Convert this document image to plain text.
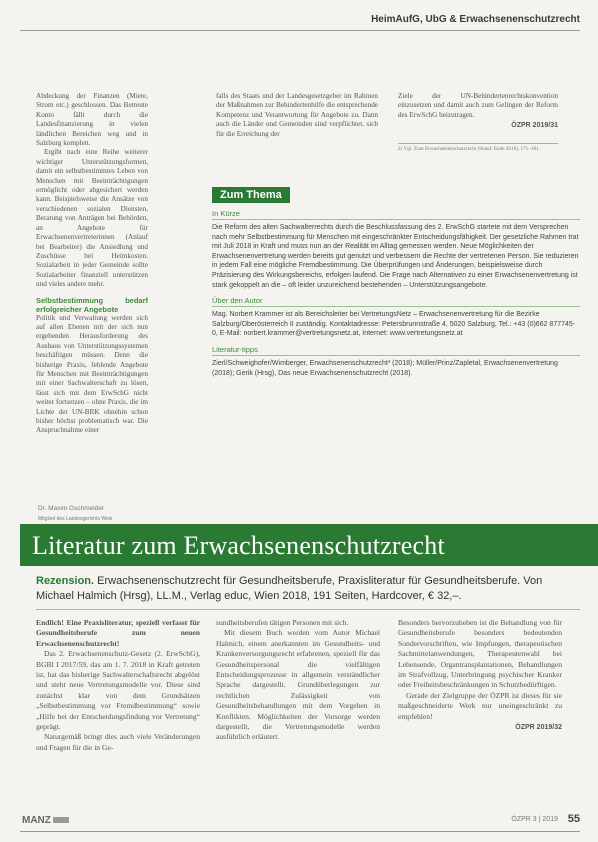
HeimAufG, UbG & Erwachsenenschutzrecht

Abdeckung der Finanzen (Miete, Strom etc.) geschlossen. Das Betreute Konto fällt durch die Landesfinanzierung in vielen ländlichen Bereichen weg und in Salzburg komplett.

Ergibt nach eine Reihe weiterer wichtiger Unterstützungsformen, damit ein selbstbestimmtes Leben von Menschen mit Beeinträchtigungen ermöglicht oder abgesichert werden kann. Beispielsweise die Ansätze von verschiedenen sozialen Diensten, Beratung von Anträgen bei Behörden, an Angebote für Erwachsenenvertreterinnen (Anlauf bei Bearbeiter) die Ansiedlung und Zuschüsse bei Heimkosten. Sozialarbeit in jeder Gemeinde sollte Sozialarbeiter finanziell unterstützen und vieles andere mehr.

Selbstbestimmung bedarf erfolgreicher Angebote

Politik und Verwaltung werden sich auf allen Ebenen mit der sich nun ergebenden Herausforderung des Ausbaus von Unterstützungssystemen beschäftigen müssen. Denn die bisherige Praxis, fehlende Angebote für Menschen mit Beeinträchtigungen mit einer Sachwalterschaft zu lösen, lässt sich mit dem ErwSchG nicht weiter fortsetzen – ohne Praxis, die im Lichte der UN-BRK ohnehin schon bisher höchst problematisch war. Die Anspruchnahme einer

falls des Staats und der Landesgesetzgeber im Rahmen der Maßnahmen zur Behindertenhilfe die entsprechende Kompetenz und Verantwortung für Angebote zu. Dann auch die Länder und Gemeinden sind verpflichtet, sich für die Erreichung der

Ziele der UN-Behindertenrechtskonvention einzusetzen und damit auch zum Gelingen der Reform des ErwSchG beizutragen.

ÖZPR 2019/31
2) Vgl. Zum Erwachsenenschutzrecht (Stand: Ende 2018), 171–181.
Zum Thema
In Kürze
Die Reform des alten Sachwalterrechts durch die Beschlussfassung des 2. ErwSchG startete mit dem Versprechen nach mehr Selbstbestimmung für Menschen mit eingeschränkter Entscheidungsfähigkeit. Der gesetzliche Rahmen trat mit Juli 2018 in Kraft und muss nun an der Realität im Alltag gemessen werden. Neue Möglichkeiten der Erwachsenenvertretung werden bereits gut genutzt und verbessern die Rechte der vertretenen Person. Sie reduzieren in jedem Fall eine mögliche Fremdbestimmung. Die Überprüfungen und Änderungen, beispielsweise durch Präzisierung des Wirkungsbereichs, erfolgen laufend. Die Frage nach Alternativen zu einer Erwachsenenvertretung ist stark gekoppelt an die – oft leider unzureichend bestehenden – Unterstützungsangebote.
Über den Autor
Mag. Norbert Krammer ist als Bereichsleiter bei VertretungsNetz – Erwachsenenvertretung für die Bezirke Salzburg/Oberösterreich II zuständig. Kontaktadresse: Petersbrunnstraße 4, 5020 Salzburg, Tel.: +43 (0)662 877745-0, E-Mail: norbert.krammer@vertretungsnetz.at, Internet: www.vertretungsnetz.at
Literatur-tipps
Zierl/Schweighofer/Wimberger, Erwachsenenschutzrecht³ (2018); Müller/Prinz/Zapletal, Erwachsenenvertretung (2018); Gerik (Hrsg), Das neue Erwachsenenschutzrecht (2018).
Dr. Maxim Gschmeider
Mitglied des Landesgerichts Wels
Literatur zum Erwachsenenschutzrecht
Rezension. Erwachsenenschutzrecht für Gesundheitsberufe, Praxisliteratur für Gesundheitsberufe. Von Michael Halmich (Hrsg), LL.M., Verlag educ, Wien 2018, 191 Seiten, Hardcover, € 32,–.

Endlich! Eine Praxisliteratur, speziell verfasst für Gesundheitsberufe zum neuen Erwachsenenschutzrecht!

Das 2. Erwachsenenschutz-Gesetz (2. ErwSchG), BGBl I 2017/59, das am 1. 7. 2018 in Kraft getreten ist, hat das bisherige Sachwalterschaftsrecht abgelöst und steht neue Vertretungsmodelle vor. Diese sind zunächst klar von dem Grundsätzen „Selbstbestimmung vor Fremdbestimmung“ sowie „Hilfe bei der Entscheidungsfindung vor Vertretung“ geprägt.

Naturgemäß bringt dies auch viele Veränderungen und Fragen für die in Ge-

sundheitsberufen tätigen Personen mit sich.

Mit diesem Buch werden vom Autor Michael Halmich, einem anerkannten im Gesundheits- und Krankenversorgungsrecht erfahrenen, speziell für das Gesundheitspersonal die vielfältigen Entscheidungsprozesse in allgemein verständlicher Sprache dargestellt. Grundüberlegungen zur rechtlichen Zulässigkeit von Gesundheitsbehandlungen mit dem Vorgehen in Konflikten. Möglichkeiten der Vorsorge werden dargestellt, die Vertretungsmodelle werden ausführlich erläutert.

Besonders hervorzuheben ist die Behandlung von für Gesundheitsberufe besonders bedeutenden Sondervorschriften, wie Impfungen, therapeutischen Sachmittelanwendungen, Therapeutenwahl bei Lebensende, Organtransplantationen, Behandlungen im Strafvollzug, Unterbringung psychischer Kranker oder Freiheitsbeschränkungen in Schutzbedürftigen.

Gerade der Zielgruppe der ÖZPR ist dieses für sie maßgeschneiderte Werk nur uneingeschränkt zu empfehlen!

ÖZPR 2019/32
MANZ	ÖZPR 3 | 2019 55
